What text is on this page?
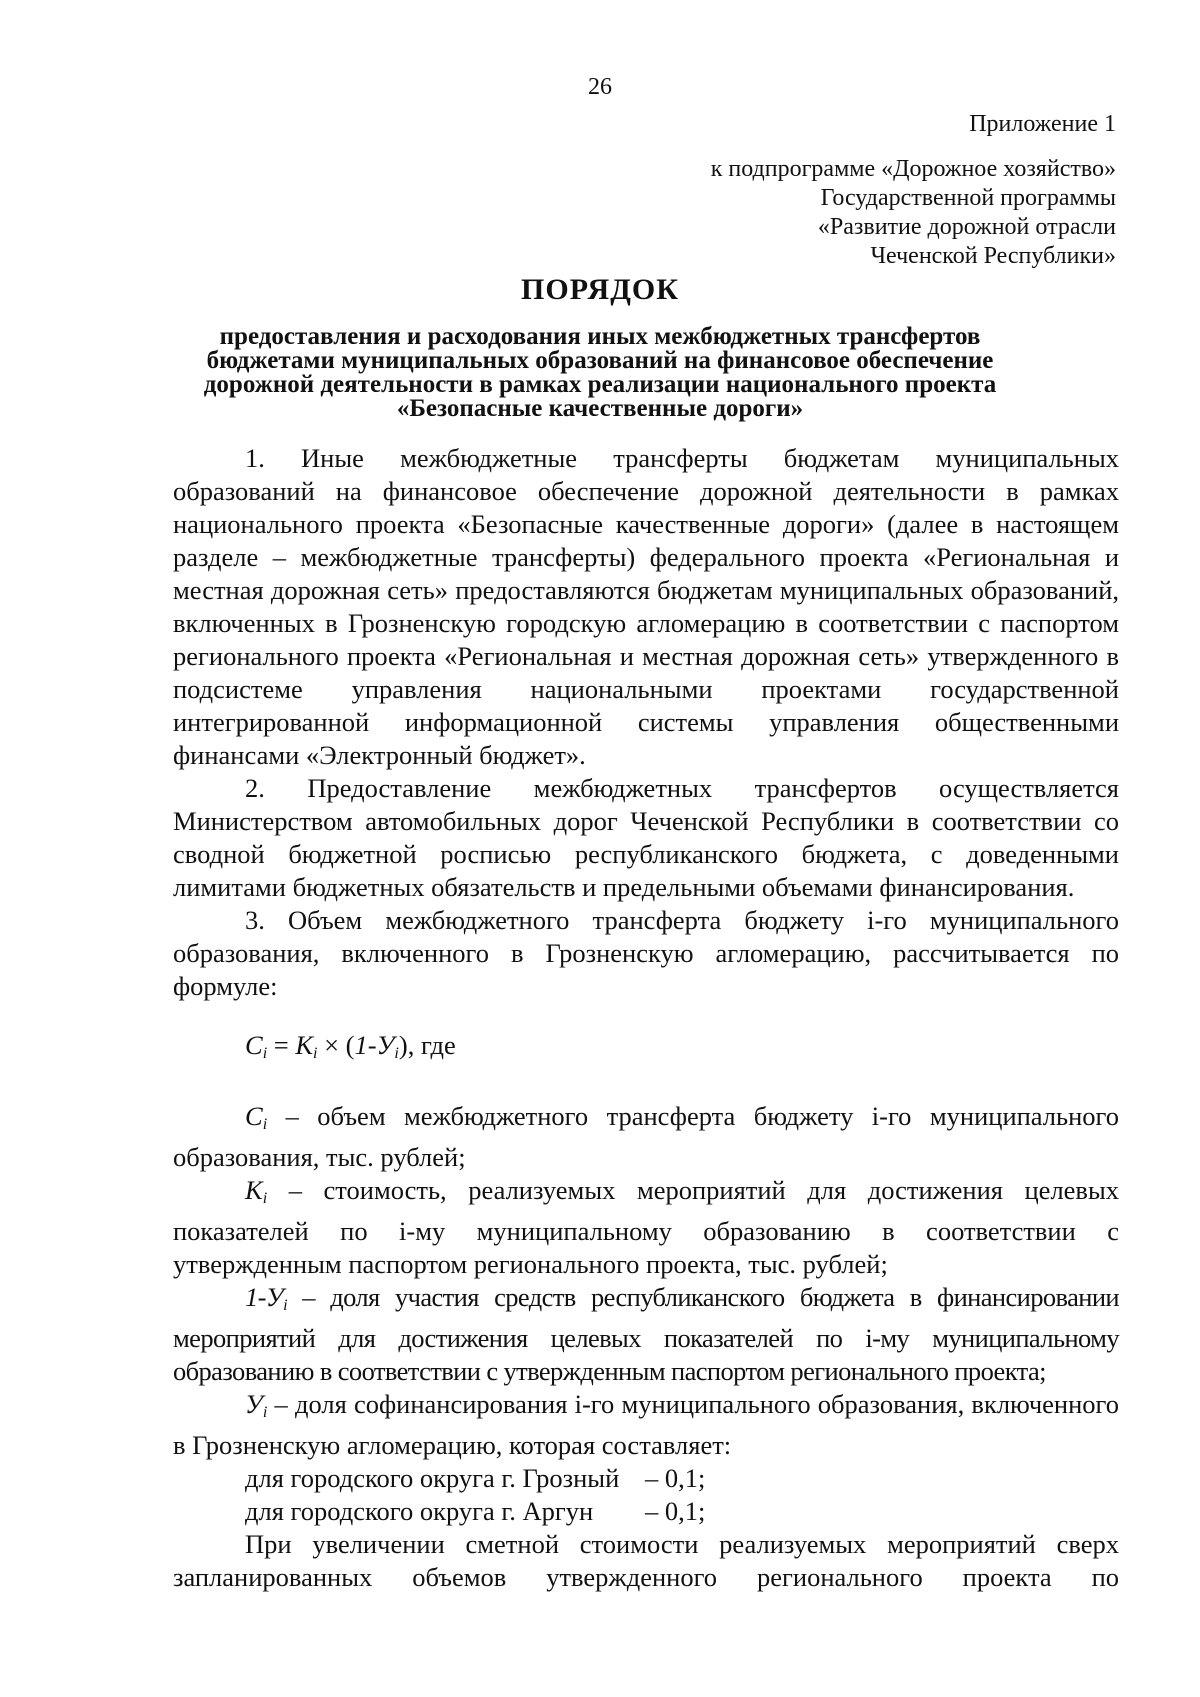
26
Приложение 1
к подпрограмме «Дорожное хозяйство»
Государственной программы
«Развитие дорожной отрасли
Чеченской Республики»
ПОРЯДОК
предоставления и расходования иных межбюджетных трансфертов
бюджетами муниципальных образований на финансовое обеспечение
дорожной деятельности в рамках реализации национального проекта
«Безопасные качественные дороги»

1. Иные межбюджетные трансферты бюджетам муниципальных образований на финансовое обеспечение дорожной деятельности в рамках национального проекта «Безопасные качественные дороги» (далее в настоящем разделе – межбюджетные трансферты) федерального проекта «Региональная и местная дорожная сеть» предоставляются бюджетам муниципальных образований, включенных в Грозненскую городскую агломерацию в соответствии с паспортом регионального проекта «Региональная и местная дорожная сеть» утвержденного в подсистеме управления национальными проектами государственной интегрированной информационной системы управления общественными финансами «Электронный бюджет».

2. Предоставление межбюджетных трансфертов осуществляется Министерством автомобильных дорог Чеченской Республики в соответствии со сводной бюджетной росписью республиканского бюджета, с доведенными лимитами бюджетных обязательств и предельными объемами финансирования.

3. Объем межбюджетного трансферта бюджету i-го муниципального образования, включенного в Грозненскую агломерацию, рассчитывается по формуле:

Ci = Ki × (1-Уi), где

Ci – объем межбюджетного трансферта бюджету i-го муниципального образования, тыс. рублей;

Ki – стоимость, реализуемых мероприятий для достижения целевых показателей по i-му муниципальному образованию в соответствии с утвержденным паспортом регионального проекта, тыс. рублей;

1-Уi – доля участия средств республиканского бюджета в финансировании мероприятий для достижения целевых показателей по i-му муниципальному образованию в соответствии с утвержденным паспортом регионального проекта;

Уi – доля софинансирования i-го муниципального образования, включенного в Грозненскую агломерацию, которая составляет:

для городского округа г. Грозный – 0,1;
для городского округа г. Аргун	– 0,1;

При увеличении сметной стоимости реализуемых мероприятий сверх запланированных объемов утвержденного регионального проекта по
